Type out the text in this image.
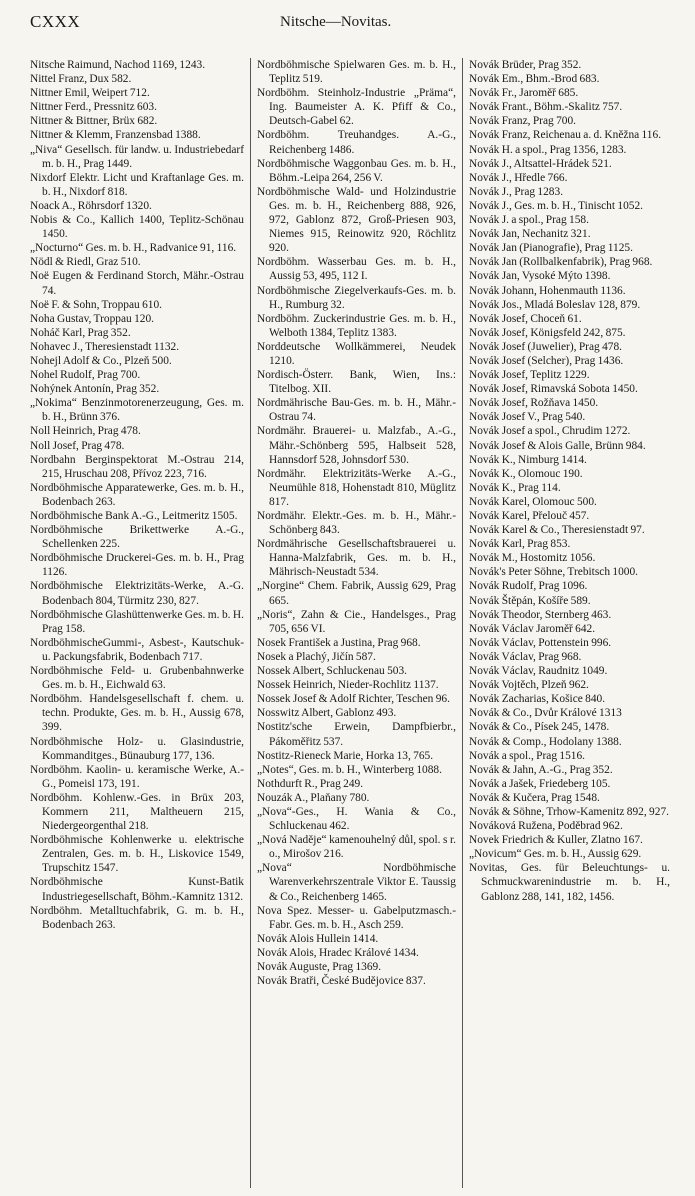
CXXX	Nitsche—Novitas.

Nitsche Raimund, Nachod 1169, 1243.

Nittel Franz, Dux 582.

Nittner Emil, Weipert 712.

Nittner Ferd., Pressnitz 603.

Nittner & Bittner, Brüx 682.

Nittner & Klemm, Franzensbad 1388.

„Niva“ Gesellsch. für landw. u. Industriebedarf m. b. H., Prag 1449.

Nixdorf Elektr. Licht und Kraftanlage Ges. m. b. H., Nixdorf 818.

Noack A., Röhrsdorf 1320.

Nobis & Co., Kallich 1400, Teplitz-Schönau 1450.

„Nocturno“ Ges. m. b. H., Radvanice 91, 116.

Nödl & Riedl, Graz 510.

Noë Eugen & Ferdinand Storch, Mähr.-Ostrau 74.

Noë F. & Sohn, Troppau 610.

Noha Gustav, Troppau 120.

Noháč Karl, Prag 352.

Nohavec J., Theresienstadt 1132.

Nohejl Adolf & Co., Plzeň 500.

Nohel Rudolf, Prag 700.

Nohýnek Antonín, Prag 352.

„Nokima“ Benzinmotorenerzeugung, Ges. m. b. H., Brünn 376.

Noll Heinrich, Prag 478.

Noll Josef, Prag 478.

Nordbahn Berginspektorat M.-Ostrau 214, 215, Hruschau 208, Přívoz 223, 716.

Nordböhmische Apparatewerke, Ges. m. b. H., Bodenbach 263.

Nordböhmische Bank A.-G., Leitmeritz 1505.

Nordböhmische Brikettwerke A.-G., Schellenken 225.

Nordböhmische Druckerei-Ges. m. b. H., Prag 1126.

Nordböhmische Elektrizitäts-Werke, A.-G. Bodenbach 804, Türmitz 230, 827.

Nordböhmische Glashüttenwerke Ges. m. b. H. Prag 158.

NordböhmischeGummi-, Asbest-, Kautschuk- u. Packungsfabrik, Bodenbach 717.

Nordböhmische Feld- u. Grubenbahnwerke Ges. m. b. H., Eichwald 63.

Nordböhm. Handelsgesellschaft f. chem. u. techn. Produkte, Ges. m. b. H., Aussig 678, 399.

Nordböhmische Holz- u. Glasindustrie, Kommanditges., Bünauburg 177, 136.

Nordböhm. Kaolin- u. keramische Werke, A.-G., Pomeisl 173, 191.

Nordböhm. Kohlenw.-Ges. in Brüx 203, Kommern 211, Maltheuern 215, Niedergeorgenthal 218.

Nordböhmische Kohlenwerke u. elektrische Zentralen, Ges. m. b. H., Liskovice 1549, Trupschitz 1547.

Nordböhmische Kunst-Batik Industriegesellschaft, Böhm.-Kamnitz 1312.

Nordböhm. Metalltuchfabrik, G. m. b. H., Bodenbach 263.

Nordböhmische Spielwaren Ges. m. b. H., Teplitz 519.

Nordböhm. Steinholz-Industrie „Prämа“, Ing. Baumeister A. K. Pfiff & Co., Deutsch-Gabel 62.

Nordböhm. Treuhandges. A.-G., Reichenberg 1486.

Nordböhmische Waggonbau Ges. m. b. H., Böhm.-Leipa 264, 256 V.

Nordböhmische Wald- und Holzindustrie Ges. m. b. H., Reichenberg 888, 926, 972, Gablonz 872, Groß-Priesen 903, Niemes 915, Reinowitz 920, Röchlitz 920.

Nordböhm. Wasserbau Ges. m. b. H., Aussig 53, 495, 112 I.

Nordböhmische Ziegelverkaufs-Ges. m. b. H., Rumburg 32.

Nordböhm. Zuckerindustrie Ges. m. b. H., Welboth 1384, Teplitz 1383.

Norddeutsche Wollkämmerei, Neudek 1210.

Nordisch-Österr. Bank, Wien, Ins.: Titelbog. XII.

Nordmährische Bau-Ges. m. b. H., Mähr.-Ostrau 74.

Nordmähr. Brauerei- u. Malzfab., A.-G., Mähr.-Schönberg 595, Halbseit 528, Hannsdorf 528, Johnsdorf 530.

Nordmähr. Elektrizitäts-Werke A.-G., Neumühle 818, Hohenstadt 810, Müglitz 817.

Nordmähr. Elektr.-Ges. m. b. H., Mähr.-Schönberg 843.

Nordmährische Gesellschaftsbrauerei u. Hanna-Malzfabrik, Ges. m. b. H., Mährisch-Neustadt 534.

„Norgine“ Chem. Fabrik, Aussig 629, Prag 665.

„Noris“, Zahn & Cie., Handelsges., Prag 705, 656 VI.

Nosek František a Justina, Prag 968.

Nosek a Plachý, Jičín 587.

Nossek Albert, Schluckenau 503.

Nossek Heinrich, Nieder-Rochlitz 1137.

Nossek Josef & Adolf Richter, Teschen 96.

Nosswitz Albert, Gablonz 493.

Nostitz'sche Erwein, Dampfbierbr., Pákoměřitz 537.

Nostitz-Rieneck Marie, Horka 13, 765.

„Notes“, Ges. m. b. H., Winterberg 1088.

Nothdurft R., Prag 249.

Nouzák A., Plaňany 780.

„Nova“-Ges., H. Wania & Co., Schluckenau 462.

„Nová Naděje“ kamenouhelný důl, spol. s r. o., Mirošov 216.

„Nova“ Nordböhmische Warenverkehrszentrale Viktor E. Taussig & Co., Reichenberg 1465.

Nova Spez. Messer- u. Gabelputzmasch.-Fabr. Ges. m. b. H., Asch 259.

Novák Alois Hullein 1414.

Novák Alois, Hradec Králové 1434.

Novák Auguste, Prag 1369.

Novák Bratři, České Budějovice 837.

Novák Brüder, Prag 352.

Novák Em., Bhm.-Brod 683.

Novák Fr., Jaroměř 685.

Novák Frant., Böhm.-Skalitz 757.

Novák Franz, Prag 700.

Novák Franz, Reichenau a. d. Kněžna 116.

Novák H. a spol., Prag 1356, 1283.

Novák J., Altsattel-Hrádek 521.

Novák J., Hředle 766.

Novák J., Prag 1283.

Novák J., Ges. m. b. H., Tinischt 1052.

Novák J. a spol., Prag 158.

Novák Jan, Nechanitz 321.

Novák Jan (Pianografie), Prag 1125.

Novák Jan (Rollbalkenfabrik), Prag 968.

Novák Jan, Vysoké Mýto 1398.

Novák Johann, Hohenmauth 1136.

Novák Jos., Mladá Boleslav 128, 879.

Novák Josef, Choceň 61.

Novák Josef, Königsfeld 242, 875.

Novák Josef (Juwelier), Prag 478.

Novák Josef (Selcher), Prag 1436.

Novák Josef, Teplitz 1229.

Novák Josef, Rimavská Sobota 1450.

Novák Josef, Rožňava 1450.

Novák Josef V., Prag 540.

Novák Josef a spol., Chrudim 1272.

Novák Josef & Alois Galle, Brünn 984.

Novák K., Nimburg 1414.

Novák K., Olomouc 190.

Novák K., Prag 114.

Novák Karel, Olomouc 500.

Novák Karel, Přelouč 457.

Novák Karel & Co., Theresienstadt 97.

Novák Karl, Prag 853.

Novák M., Hostomitz 1056.

Novák's Peter Söhne, Trebitsch 1000.

Novák Rudolf, Prag 1096.

Novák Štěpán, Košíře 589.

Novák Theodor, Sternberg 463.

Novák Václav Jaroměř 642.

Novák Václav, Pottenstein 996.

Novák Václav, Prag 968.

Novák Václav, Raudnitz 1049.

Novák Vojtěch, Plzeň 962.

Novák Zacharias, Košice 840.

Novák & Co., Dvůr Králové 1313

Novák & Co., Písek 245, 1478.

Novák & Comp., Hodolany 1388.

Novák a spol., Prag 1516.

Novák & Jahn, A.-G., Prag 352.

Novák a Jašek, Friedeberg 105.

Novák & Kučera, Prag 1548.

Novák & Söhne, Trhow-Kamenitz 892, 927.

Nováková Ružena, Poděbrad 962.

Novek Friedrich & Kuller, Zlatno 167.

„Novicum“ Ges. m. b. H., Aussig 629.

Novitas, Ges. für Beleuchtungs- u. Schmuckwarenindustrie m. b. H., Gablonz 288, 141, 182, 1456.
